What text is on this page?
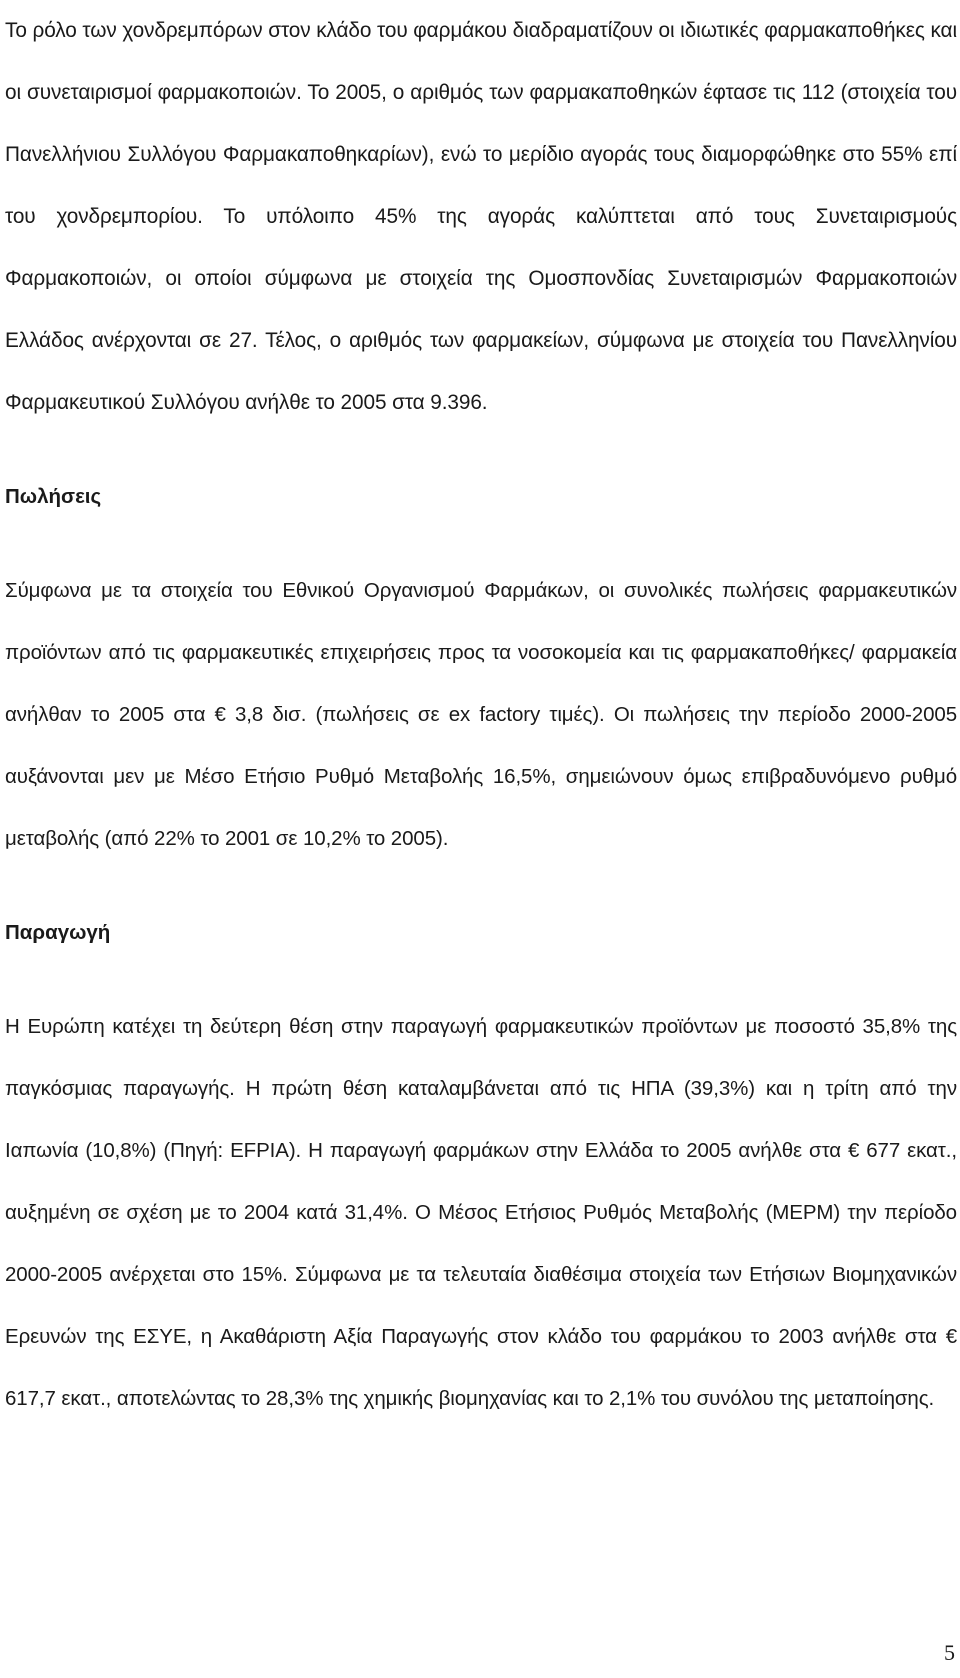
Το ρόλο των χονδρεμπόρων στον κλάδο του φαρμάκου διαδραματίζουν οι ιδιωτικές φαρμακαποθήκες και οι συνεταιρισμοί φαρμακοποιών. Το 2005, ο αριθμός των φαρμακαποθηκών έφτασε τις 112 (στοιχεία του Πανελλήνιου Συλλόγου Φαρμακαποθηκαρίων), ενώ το μερίδιο αγοράς τους διαμορφώθηκε στο 55% επί του χονδρεμπορίου. Το υπόλοιπο 45% της αγοράς καλύπτεται από τους Συνεταιρισμούς Φαρμακοποιών, οι οποίοι σύμφωνα με στοιχεία της Ομοσπονδίας Συνεταιρισμών Φαρμακοποιών Ελλάδος ανέρχονται σε 27. Τέλος, ο αριθμός των φαρμακείων, σύμφωνα με στοιχεία του Πανελληνίου Φαρμακευτικού Συλλόγου ανήλθε το 2005 στα 9.396.

Πωλήσεις

Σύμφωνα με τα στοιχεία του Εθνικού Οργανισμού Φαρμάκων, οι συνολικές πωλήσεις φαρμακευτικών προϊόντων από τις φαρμακευτικές επιχειρήσεις προς τα νοσοκομεία και τις φαρμακαποθήκες/ φαρμακεία ανήλθαν το 2005 στα € 3,8 δισ. (πωλήσεις σε ex factory τιμές). Οι πωλήσεις την περίοδο 2000-2005 αυξάνονται μεν με Μέσο Ετήσιο Ρυθμό Μεταβολής 16,5%, σημειώνουν όμως επιβραδυνόμενο ρυθμό μεταβολής (από 22% το 2001 σε 10,2% το 2005).

Παραγωγή

Η Ευρώπη κατέχει τη δεύτερη θέση στην παραγωγή φαρμακευτικών προϊόντων με ποσοστό 35,8% της παγκόσμιας παραγωγής. Η πρώτη θέση καταλαμβάνεται από τις ΗΠΑ (39,3%) και η τρίτη από την Ιαπωνία (10,8%) (Πηγή: EFPIA). Η παραγωγή φαρμάκων στην Ελλάδα το 2005 ανήλθε στα € 677 εκατ., αυξημένη σε σχέση με το 2004 κατά 31,4%. Ο Μέσος Ετήσιος Ρυθμός Μεταβολής (ΜΕΡΜ) την περίοδο 2000-2005 ανέρχεται στο 15%. Σύμφωνα με τα τελευταία διαθέσιμα στοιχεία των Ετήσιων Βιομηχανικών Ερευνών της ΕΣΥΕ, η Ακαθάριστη Αξία Παραγωγής στον κλάδο του φαρμάκου το 2003 ανήλθε στα € 617,7 εκατ., αποτελώντας το 28,3% της χημικής βιομηχανίας και το 2,1% του συνόλου της μεταποίησης.

5
